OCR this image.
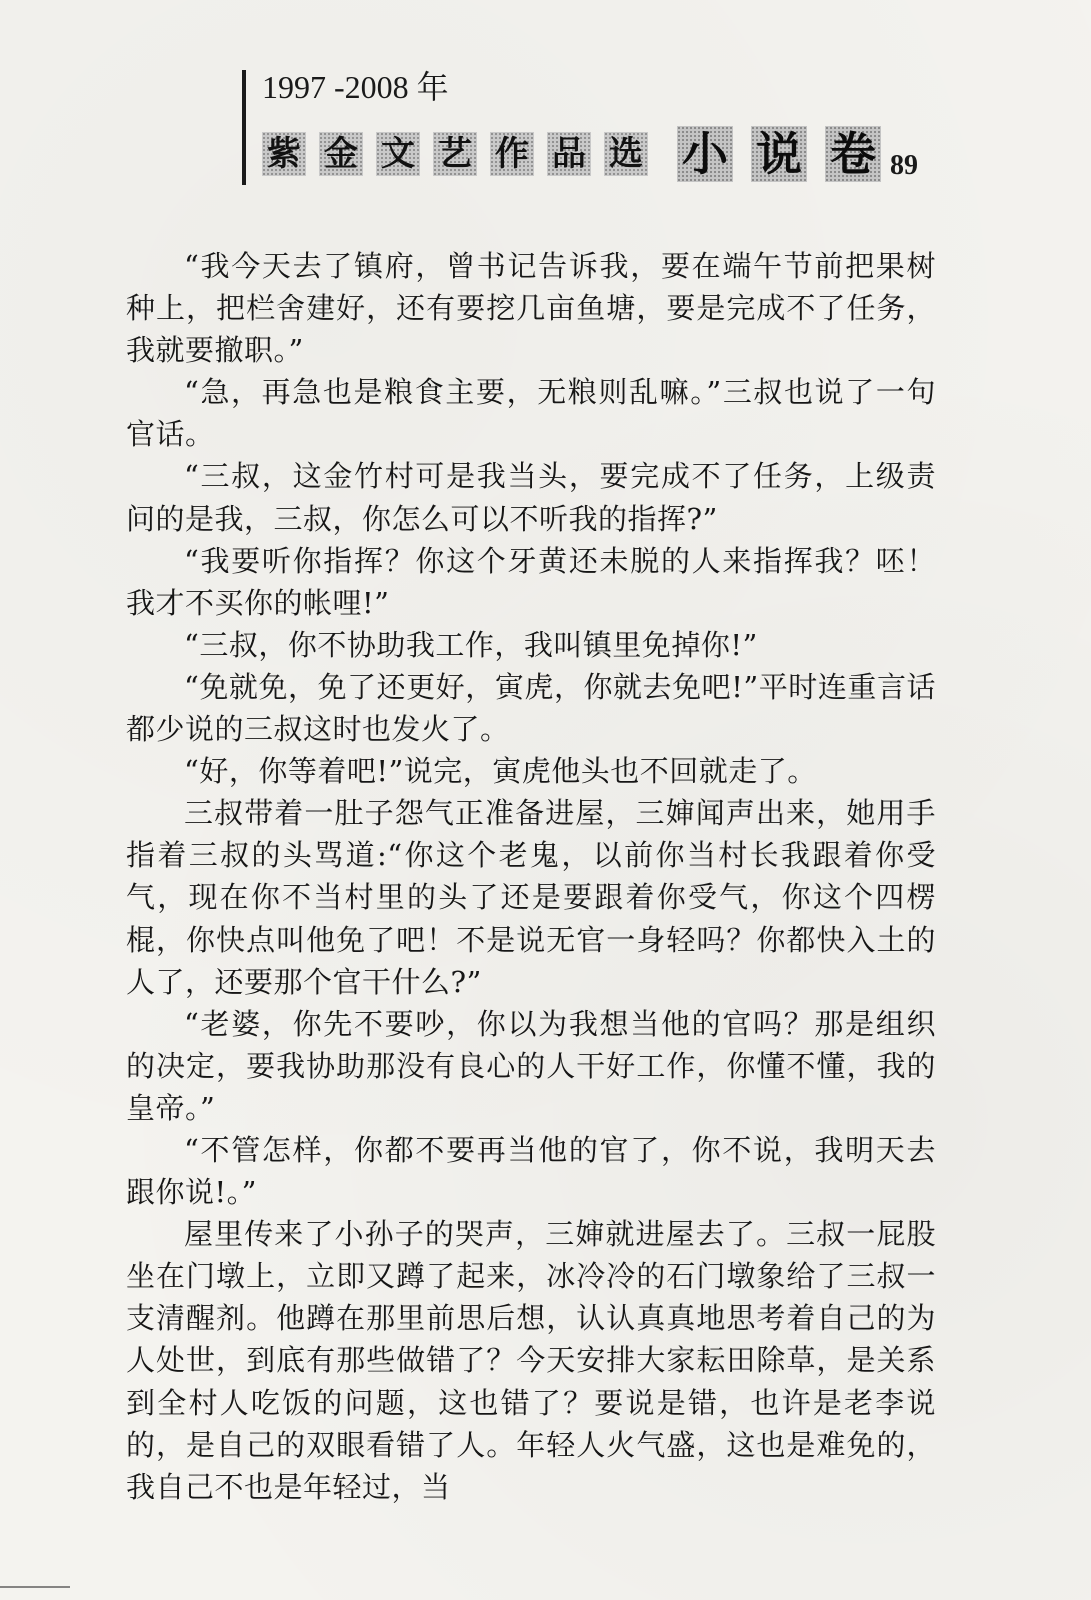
1997 -2008 年
紫 金 文 艺 作 品 选 小 说 卷 89

“我今天去了镇府，曾书记告诉我，要在端午节前把果树种上，把栏舍建好，还有要挖几亩鱼塘，要是完成不了任务，我就要撤职。”

“急，再急也是粮食主要，无粮则乱嘛。”三叔也说了一句官话。

“三叔，这金竹村可是我当头，要完成不了任务，上级责问的是我，三叔，你怎么可以不听我的指挥?”

“我要听你指挥？你这个牙黄还未脱的人来指挥我？呸！我才不买你的帐哩!”

“三叔，你不协助我工作，我叫镇里免掉你!”

“免就免，免了还更好，寅虎，你就去免吧!”平时连重言话都少说的三叔这时也发火了。

“好，你等着吧!”说完，寅虎他头也不回就走了。

三叔带着一肚子怨气正准备进屋，三婶闻声出来，她用手指着三叔的头骂道:“你这个老鬼，以前你当村长我跟着你受气，现在你不当村里的头了还是要跟着你受气，你这个四楞棍，你快点叫他免了吧！不是说无官一身轻吗？你都快入土的人了，还要那个官干什么?”

“老婆，你先不要吵，你以为我想当他的官吗？那是组织的决定，要我协助那没有良心的人干好工作，你懂不懂，我的皇帝。”

“不管怎样，你都不要再当他的官了，你不说，我明天去跟你说!。”

屋里传来了小孙子的哭声，三婶就进屋去了。三叔一屁股坐在门墩上，立即又蹲了起来，冰冷冷的石门墩象给了三叔一支清醒剂。他蹲在那里前思后想，认认真真地思考着自己的为人处世，到底有那些做错了？今天安排大家耘田除草，是关系到全村人吃饭的问题，这也错了？要说是错，也许是老李说的，是自己的双眼看错了人。年轻人火气盛，这也是难免的，我自己不也是年轻过，当
